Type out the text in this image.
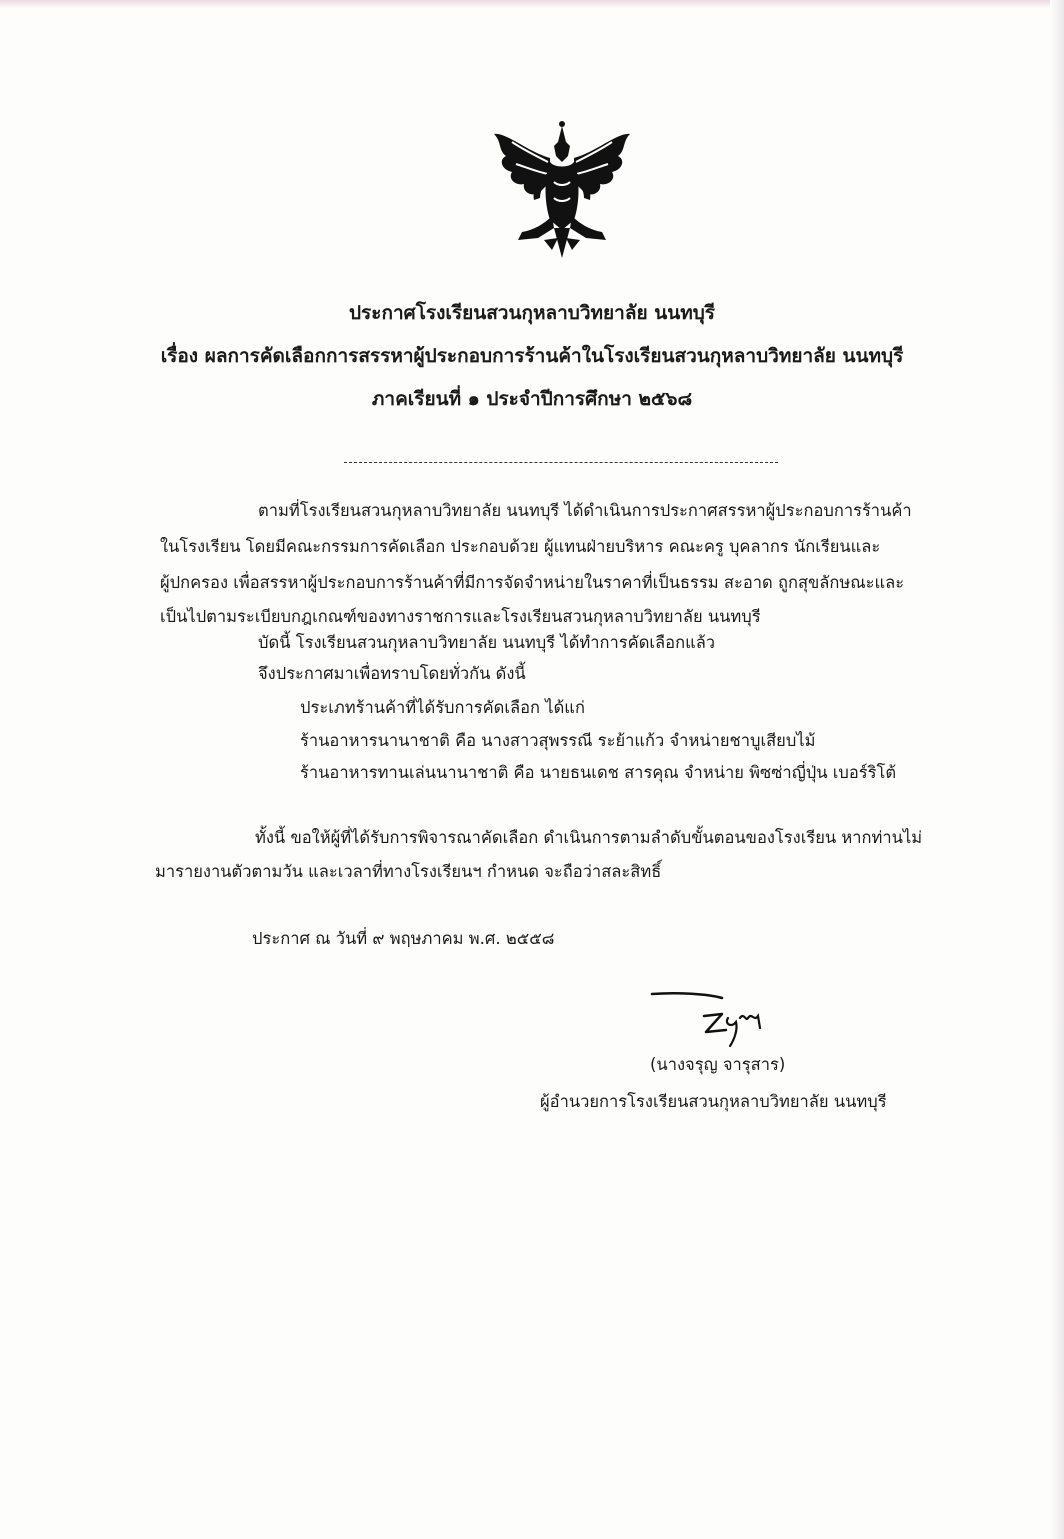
ประกาศโรงเรียนสวนกุหลาบวิทยาลัย นนทบุรี
เรื่อง ผลการคัดเลือกการสรรหาผู้ประกอบการร้านค้าในโรงเรียนสวนกุหลาบวิทยาลัย นนทบุรี
ภาคเรียนที่ ๑ ประจำปีการศึกษา ๒๕๖๘
ตามที่โรงเรียนสวนกุหลาบวิทยาลัย นนทบุรี ได้ดำเนินการประกาศสรรหาผู้ประกอบการร้านค้า
ในโรงเรียน โดยมีคณะกรรมการคัดเลือก ประกอบด้วย ผู้แทนฝ่ายบริหาร คณะครู บุคลากร นักเรียนและ
ผู้ปกครอง เพื่อสรรหาผู้ประกอบการร้านค้าที่มีการจัดจำหน่ายในราคาที่เป็นธรรม สะอาด ถูกสุขลักษณะและ
เป็นไปตามระเบียบกฎเกณฑ์ของทางราชการและโรงเรียนสวนกุหลาบวิทยาลัย นนทบุรี
บัดนี้ โรงเรียนสวนกุหลาบวิทยาลัย นนทบุรี ได้ทำการคัดเลือกแล้ว
จึงประกาศมาเพื่อทราบโดยทั่วกัน ดังนี้
ประเภทร้านค้าที่ได้รับการคัดเลือก ได้แก่
ร้านอาหารนานาชาติ คือ นางสาวสุพรรณี ระย้าแก้ว จำหน่ายชาบูเสียบไม้
ร้านอาหารทานเล่นนานาชาติ คือ นายธนเดช สารคุณ จำหน่าย พิซซ่าญี่ปุ่น เบอร์ริโต้
ทั้งนี้ ขอให้ผู้ที่ได้รับการพิจารณาคัดเลือก ดำเนินการตามลำดับขั้นตอนของโรงเรียน หากท่านไม่
มารายงานตัวตามวัน และเวลาที่ทางโรงเรียนฯ กำหนด จะถือว่าสละสิทธิ์
ประกาศ ณ วันที่ ๙ พฤษภาคม พ.ศ. ๒๕๕๘
(นางจรุญ จารุสาร)
ผู้อำนวยการโรงเรียนสวนกุหลาบวิทยาลัย นนทบุรี
